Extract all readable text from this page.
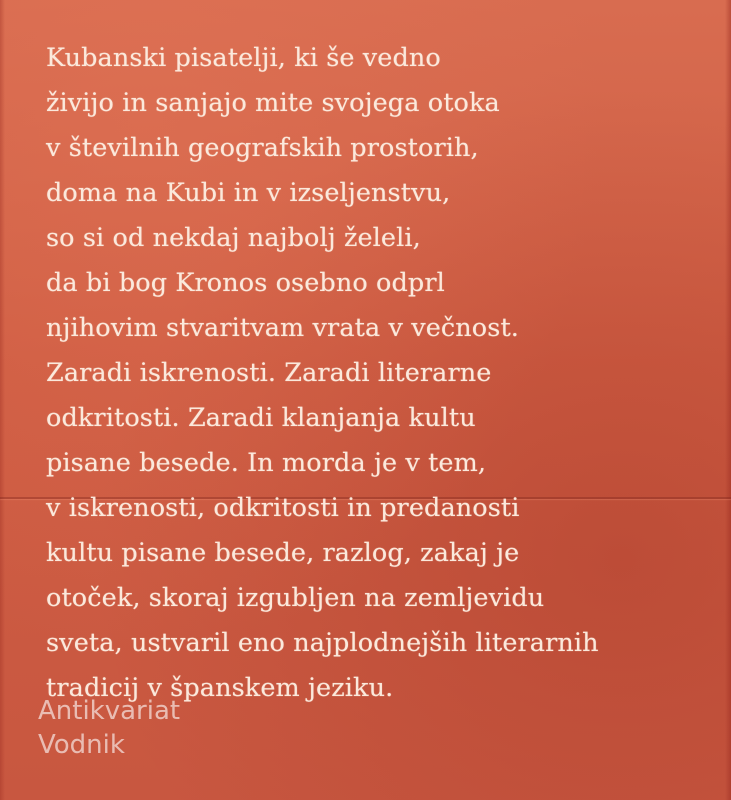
Kubanski pisatelji, ki še vedno
živijo in sanjajo mite svojega otoka
v številnih geografskih prostorih,
doma na Kubi in v izseljenstvu,
so si od nekdaj najbolj želeli,
da bi bog Kronos osebno odprl
njihovim stvaritvam vrata v večnost.
Zaradi iskrenosti. Zaradi literarne
odkritosti. Zaradi klanjanja kultu
pisane besede. In morda je v tem,
v iskrenosti, odkritosti in predanosti
kultu pisane besede, razlog, zakaj je
otoček, skoraj izgubljen na zemljevidu
sveta, ustvaril eno najplodnejših literarnih
tradicij v španskem jeziku.
Antikvariat
Vodnik
